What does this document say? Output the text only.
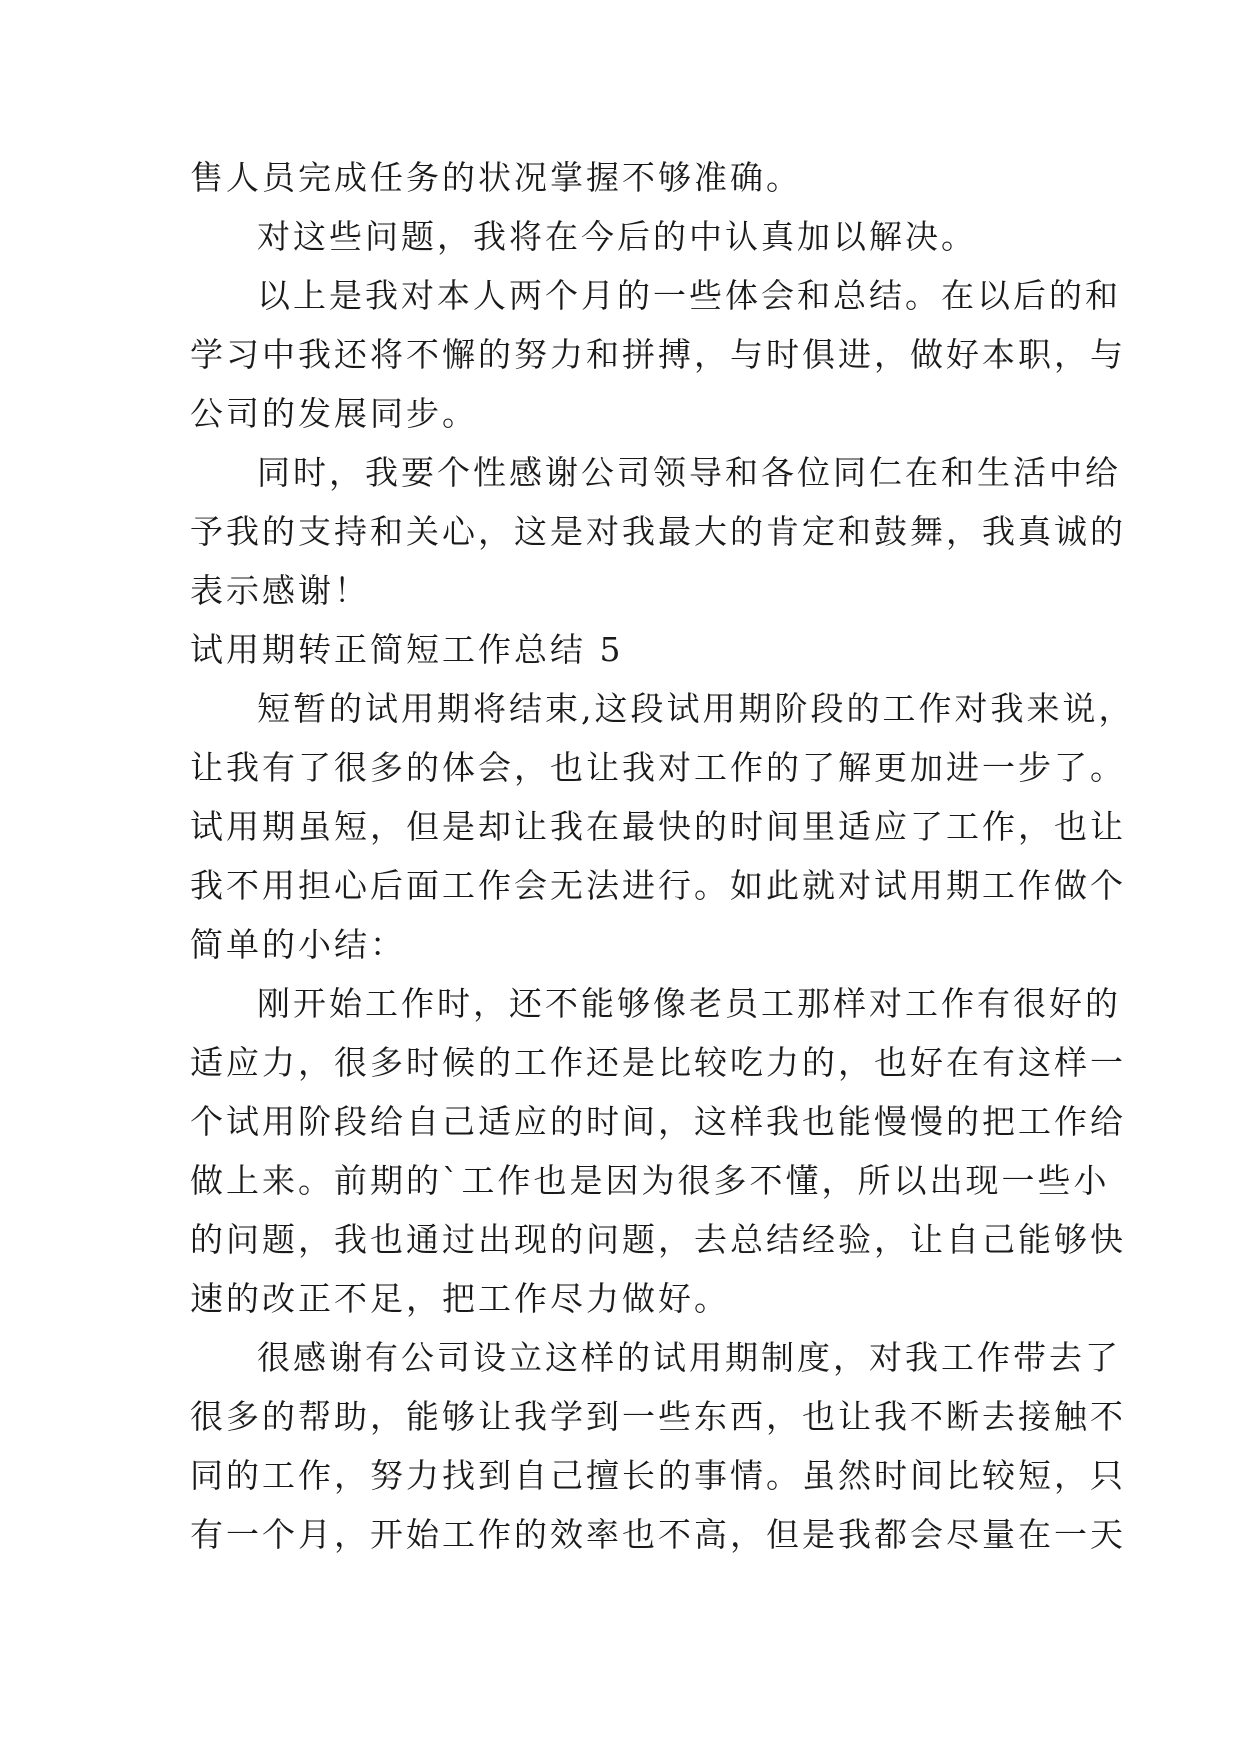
售人员完成任务的状况掌握不够准确。
对这些问题，我将在今后的中认真加以解决。
以上是我对本人两个月的一些体会和总结。在以后的和
学习中我还将不懈的努力和拼搏，与时俱进，做好本职，与
公司的发展同步。
同时，我要个性感谢公司领导和各位同仁在和生活中给
予我的支持和关心，这是对我最大的肯定和鼓舞，我真诚的
表示感谢！
试用期转正简短工作总结 5
短暂的试用期将结束,这段试用期阶段的工作对我来说，
让我有了很多的体会，也让我对工作的了解更加进一步了。
试用期虽短，但是却让我在最快的时间里适应了工作，也让
我不用担心后面工作会无法进行。如此就对试用期工作做个
简单的小结：
刚开始工作时，还不能够像老员工那样对工作有很好的
适应力，很多时候的工作还是比较吃力的，也好在有这样一
个试用阶段给自己适应的时间，这样我也能慢慢的把工作给
做上来。前期的`工作也是因为很多不懂，所以出现一些小
的问题，我也通过出现的问题，去总结经验，让自己能够快
速的改正不足，把工作尽力做好。
很感谢有公司设立这样的试用期制度，对我工作带去了
很多的帮助，能够让我学到一些东西，也让我不断去接触不
同的工作，努力找到自己擅长的事情。虽然时间比较短，只
有一个月，开始工作的效率也不高，但是我都会尽量在一天
